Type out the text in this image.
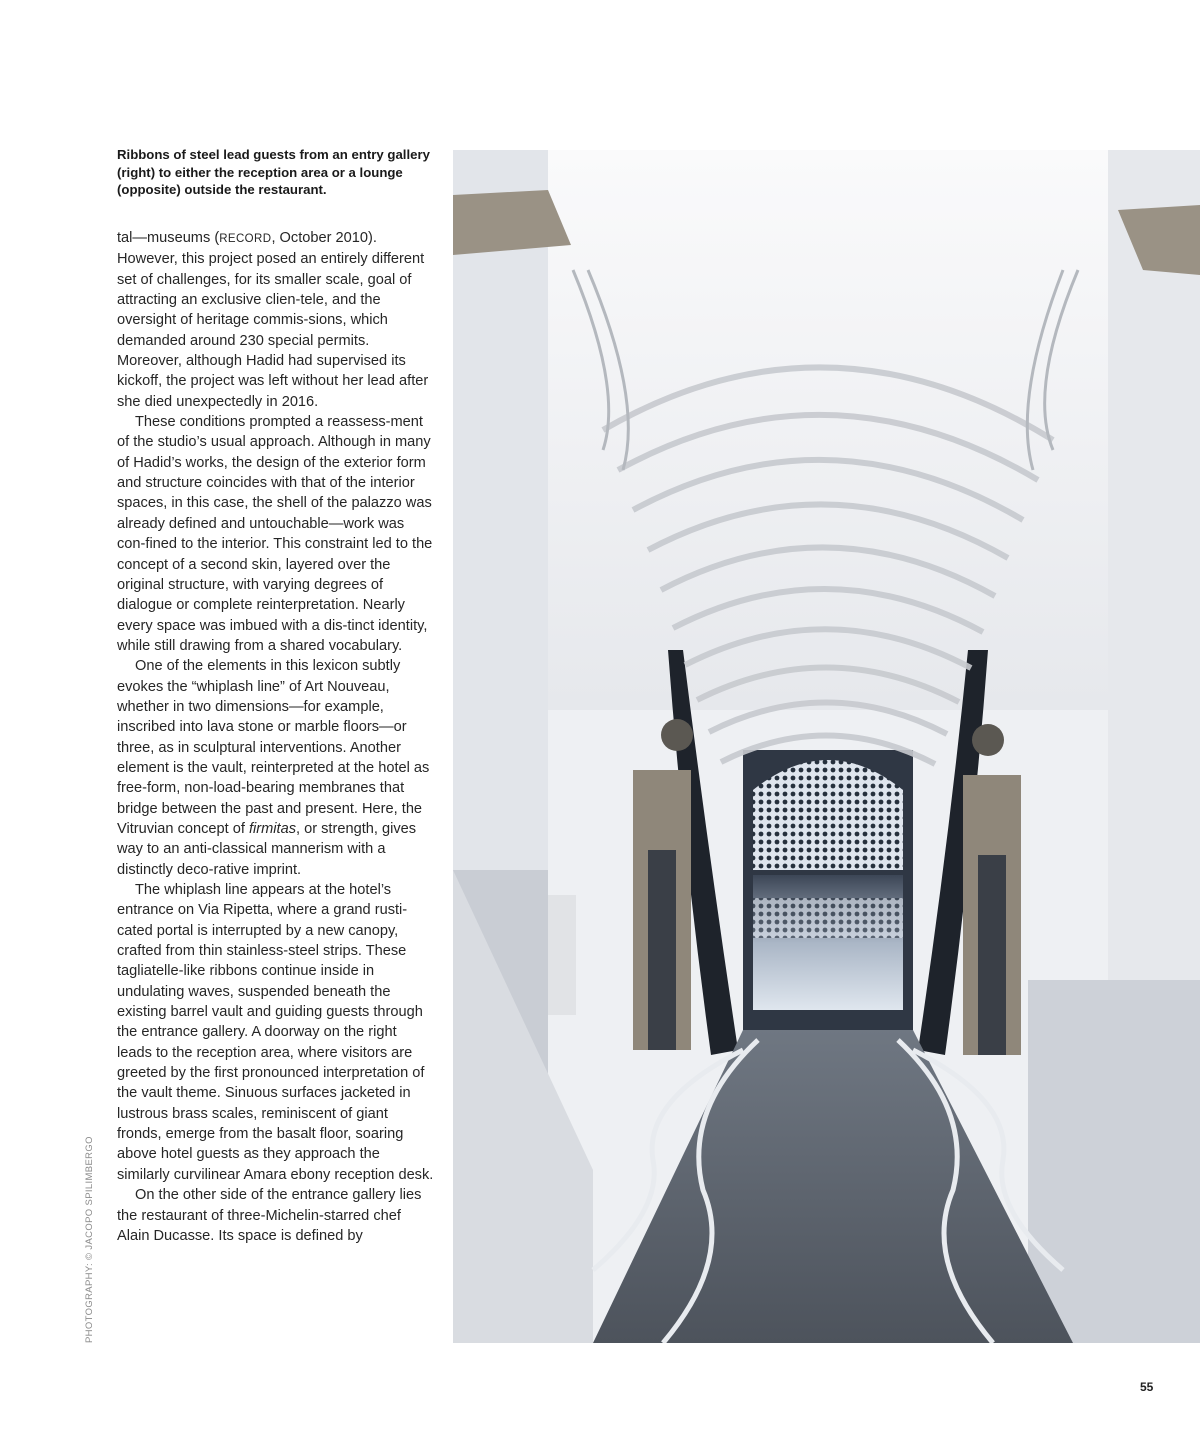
Ribbons of steel lead guests from an entry gallery (right) to either the reception area or a lounge (opposite) outside the restaurant.

tal—museums (RECORD, October 2010). However, this project posed an entirely different set of challenges, for its smaller scale, goal of attracting an exclusive clien-tele, and the oversight of heritage commis-sions, which demanded around 230 special permits. Moreover, although Hadid had supervised its kickoff, the project was left without her lead after she died unexpectedly in 2016.

These conditions prompted a reassess-ment of the studio’s usual approach. Although in many of Hadid’s works, the design of the exterior form and structure coincides with that of the interior spaces, in this case, the shell of the palazzo was already defined and untouchable—work was con-fined to the interior. This constraint led to the concept of a second skin, layered over the original structure, with varying degrees of dialogue or complete reinterpretation. Nearly every space was imbued with a dis-tinct identity, while still drawing from a shared vocabulary.

One of the elements in this lexicon subtly evokes the “whiplash line” of Art Nouveau, whether in two dimensions—for example, inscribed into lava stone or marble floors—or three, as in sculptural interventions. Another element is the vault, reinterpreted at the hotel as free-form, non-load-bearing membranes that bridge between the past and present. Here, the Vitruvian concept of firmitas, or strength, gives way to an anti-classical mannerism with a distinctly deco-rative imprint.

The whiplash line appears at the hotel’s entrance on Via Ripetta, where a grand rusti-cated portal is interrupted by a new canopy, crafted from thin stainless-steel strips. These tagliatelle-like ribbons continue inside in undulating waves, suspended beneath the existing barrel vault and guiding guests through the entrance gallery. A doorway on the right leads to the reception area, where visitors are greeted by the first pronounced interpretation of the vault theme. Sinuous surfaces jacketed in lustrous brass scales, reminiscent of giant fronds, emerge from the basalt floor, soaring above hotel guests as they approach the similarly curvilinear Amara ebony reception desk.

On the other side of the entrance gallery lies the restaurant of three-Michelin-starred chef Alain Ducasse. Its space is defined by

PHOTOGRAPHY: © JACOPO SPILIMBERGO
55
